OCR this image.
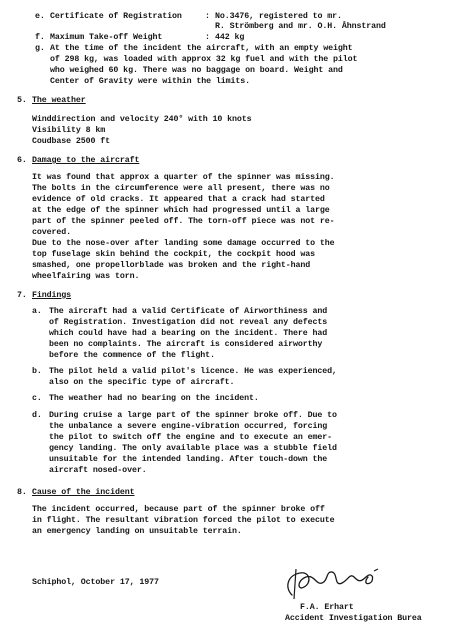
e. Certificate of Registration	: No.3476, registered to mr.
R. Strömberg and mr. O.H. Åhnstrand
f. Maximum Take-off Weight	: 442 kg
g. At the time of the incident the aircraft, with an empty weight
of 298 kg, was loaded with approx 32 kg fuel and with the pilot
who weighed 60 kg. There was no baggage on board. Weight and
Center of Gravity were within the limits.
5. The weather
Winddirection and velocity 240° with 10 knots
Visibility 8 km
Coudbase 2500 ft
6. Damage to the aircraft
It was found that approx a quarter of the spinner was missing.
The bolts in the circumference were all present, there was no
evidence of old cracks. It appeared that a crack had started
at the edge of the spinner which had progressed until a large
part of the spinner peeled off. The torn-off piece was not re-
covered.
Due to the nose-over after landing some damage occurred to the
top fuselage skin behind the cockpit, the cockpit hood was
smashed, one propellorblade was broken and the right-hand
wheelfairing was torn.
7. Findings
a. The aircraft had a valid Certificate of Airworthiness and
of Registration. Investigation did not reveal any defects
which could have had a bearing on the incident. There had
been no complaints. The aircraft is considered airworthy
before the commence of the flight.
b. The pilot held a valid pilot's licence. He was experienced,
also on the specific type of aircraft.
c. The weather had no bearing on the incident.
d. During cruise a large part of the spinner broke off. Due to
the unbalance a severe engine-vibration occurred, forcing
the pilot to switch off the engine and to execute an emer-
gency landing. The only available place was a stubble field
unsuitable for the intended landing. After touch-down the
aircraft nosed-over.
8. Cause of the incident
The incident occurred, because part of the spinner broke off
in flight. The resultant vibration forced the pilot to execute
an emergency landing on unsuitable terrain.
Schiphol, October 17, 1977
F.A. Erhart
Accident Investigation Burea
